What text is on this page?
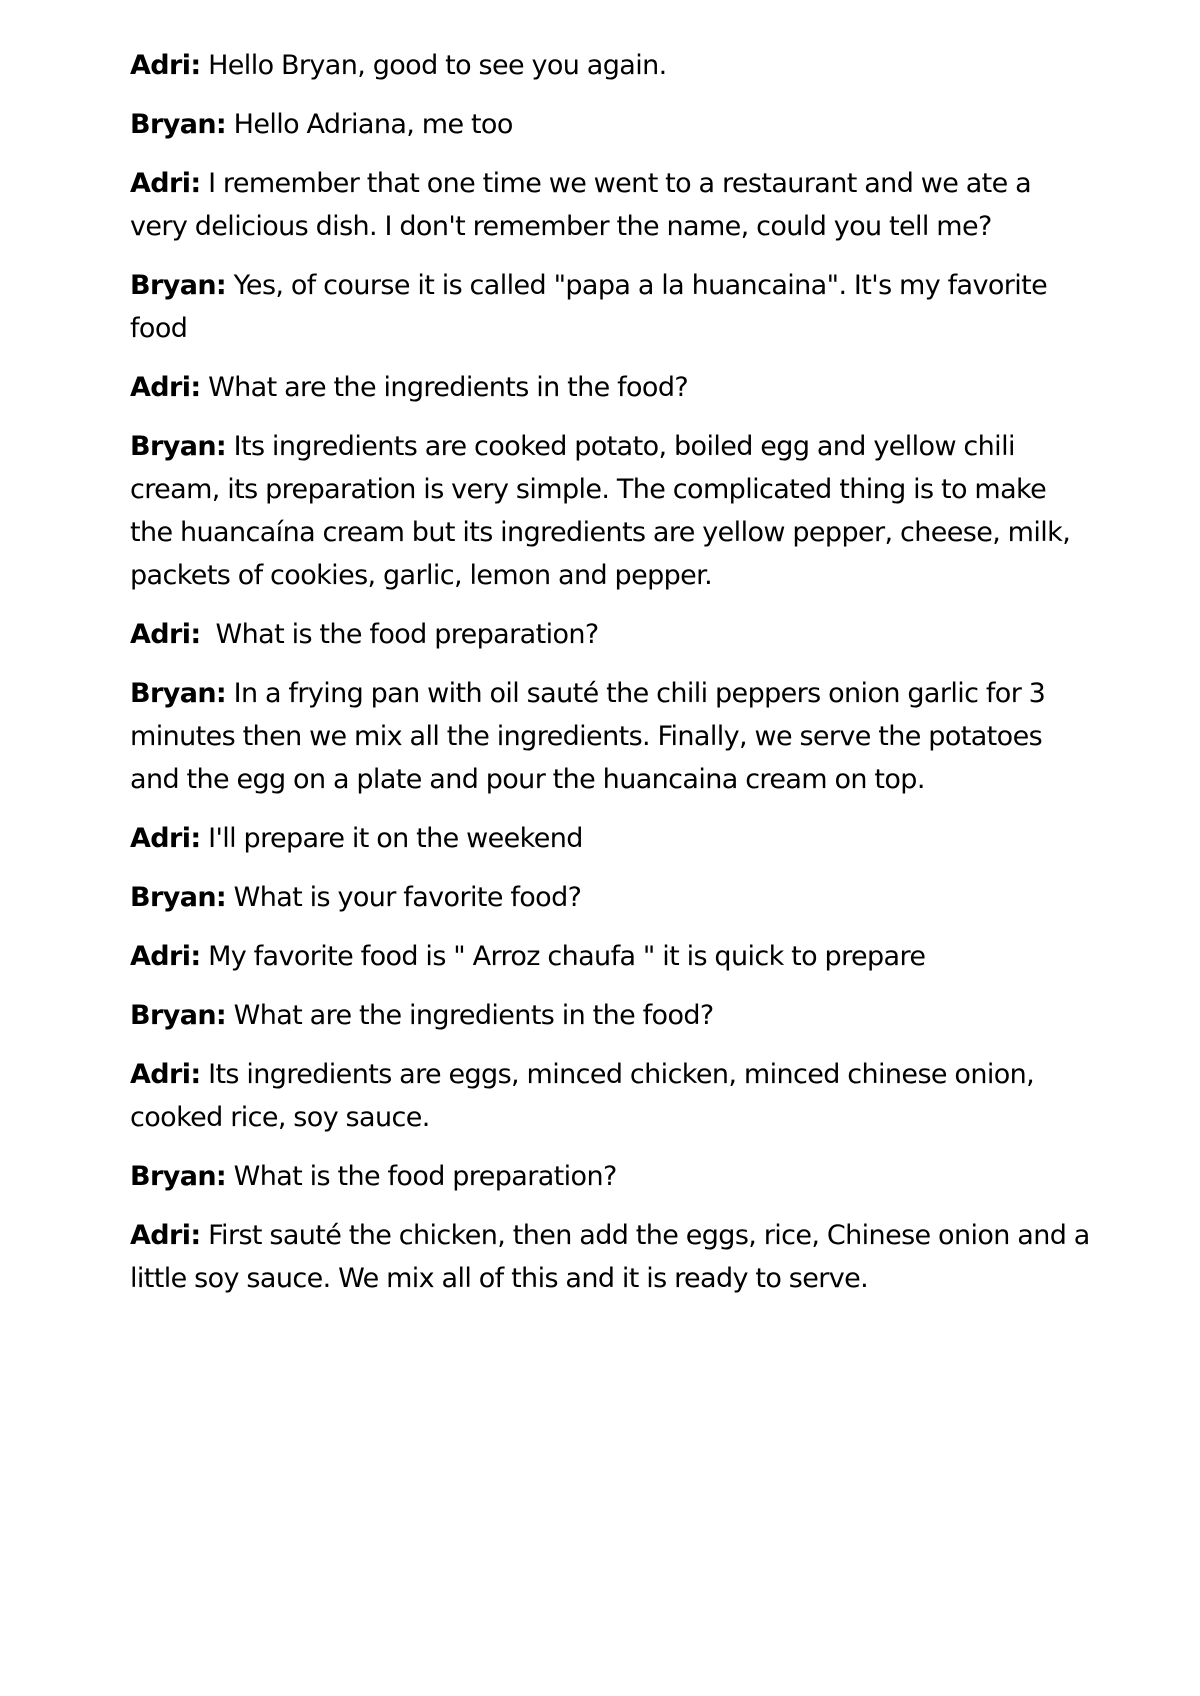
Adri: Hello Bryan, good to see you again.

Bryan: Hello Adriana, me too

Adri: I remember that one time we went to a restaurant and we ate a very delicious dish. I don't remember the name, could you tell me?

Bryan: Yes, of course it is called "papa a la huancaina". It's my favorite food

Adri: What are the ingredients in the food?

Bryan: Its ingredients are cooked potato, boiled egg and yellow chili cream, its preparation is very simple. The complicated thing is to make the huancaína cream but its ingredients are yellow pepper, cheese, milk, packets of cookies, garlic, lemon and pepper.

Adri:  What is the food preparation?

Bryan: In a frying pan with oil sauté the chili peppers onion garlic for 3 minutes then we mix all the ingredients. Finally, we serve the potatoes and the egg on a plate and pour the huancaina cream on top.

Adri: I'll prepare it on the weekend

Bryan: What is your favorite food?

Adri: My favorite food is " Arroz chaufa " it is quick to prepare

Bryan: What are the ingredients in the food?

Adri: Its ingredients are eggs, minced chicken, minced chinese onion, cooked rice, soy sauce.

Bryan: What is the food preparation?

Adri: First sauté the chicken, then add the eggs, rice, Chinese onion and a little soy sauce. We mix all of this and it is ready to serve.
